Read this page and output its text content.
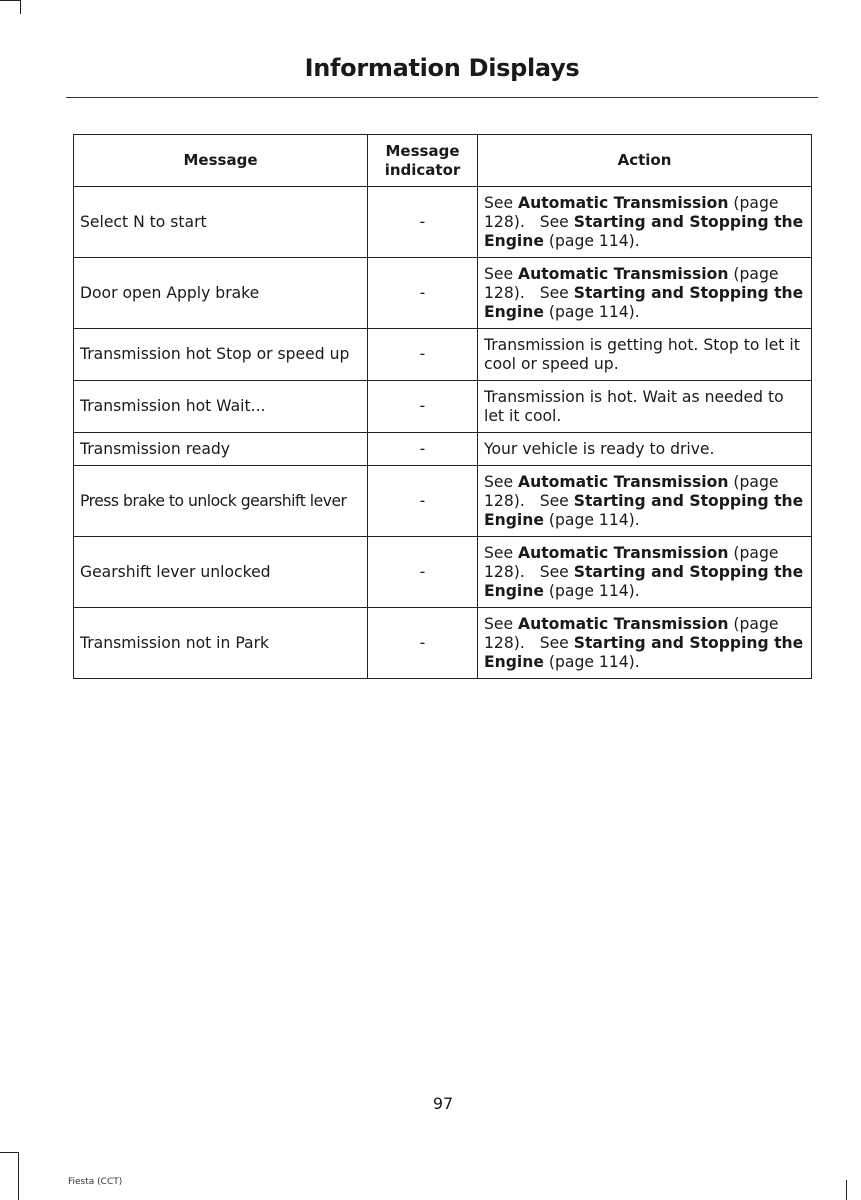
Information Displays
Message	Message indicator	Action
Select N to start	-	See Automatic Transmission (page 128). See Starting and Stopping the Engine (page 114).
Door open Apply brake	-	See Automatic Transmission (page 128). See Starting and Stopping the Engine (page 114).
Transmission hot Stop or speed up	-	Transmission is getting hot. Stop to let it cool or speed up.
Transmission hot Wait...	-	Transmission is hot. Wait as needed to let it cool.
Transmission ready	-	Your vehicle is ready to drive.
Press brake to unlock gearshift lever	-	See Automatic Transmission (page 128). See Starting and Stopping the Engine (page 114).
Gearshift lever unlocked	-	See Automatic Transmission (page 128). See Starting and Stopping the Engine (page 114).
Transmission not in Park	-	See Automatic Transmission (page 128). See Starting and Stopping the Engine (page 114).
97
Fiesta (CCT)
